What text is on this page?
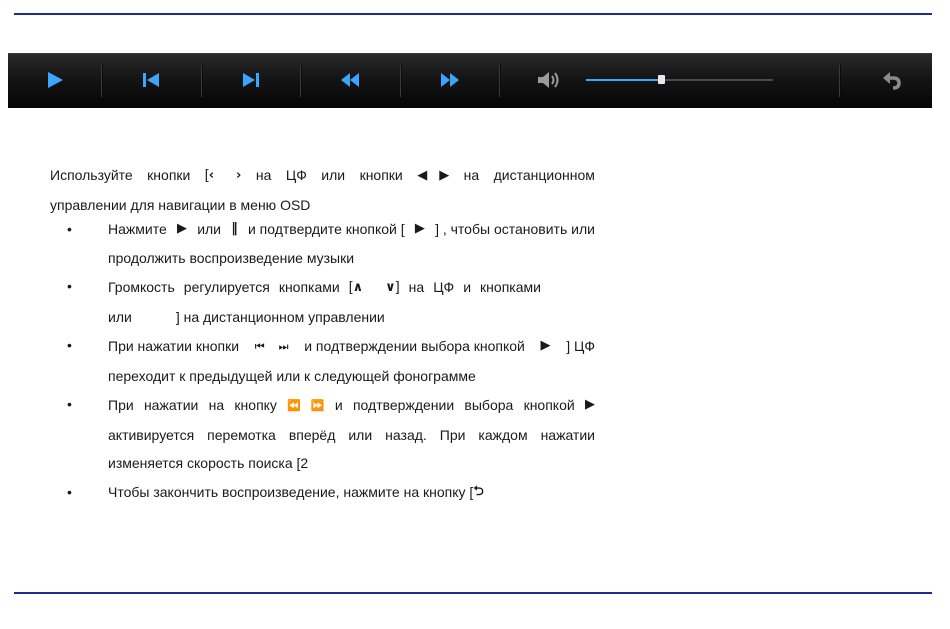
Используйте кнопки [‹ › на ЦФ или кнопки ◀ ▶ на дистанционном
управлении для навигации в меню OSD
•	Нажмите ▶ или ‖ и подтвердите кнопкой [ ▶ ] , чтобы остановить или
продолжить воспроизведение музыки
•	Громкость регулируется кнопками [∧ ∨] на ЦФ и кнопками
или	] на дистанционном управлении
•	При нажатии кнопки ⏮ ⏭ и подтверждении выбора кнопкой ▶ ] ЦФ
переходит к предыдущей или к следующей фонограмме
•	При нажатии на кнопку ⏪ ⏩ и подтверждении выбора кнопкой ▶
активируется перемотка вперёд или назад. При каждом нажатии
изменяется скорость поиска [2
•	Чтобы закончить воспроизведение, нажмите на кнопку [ ⮌
